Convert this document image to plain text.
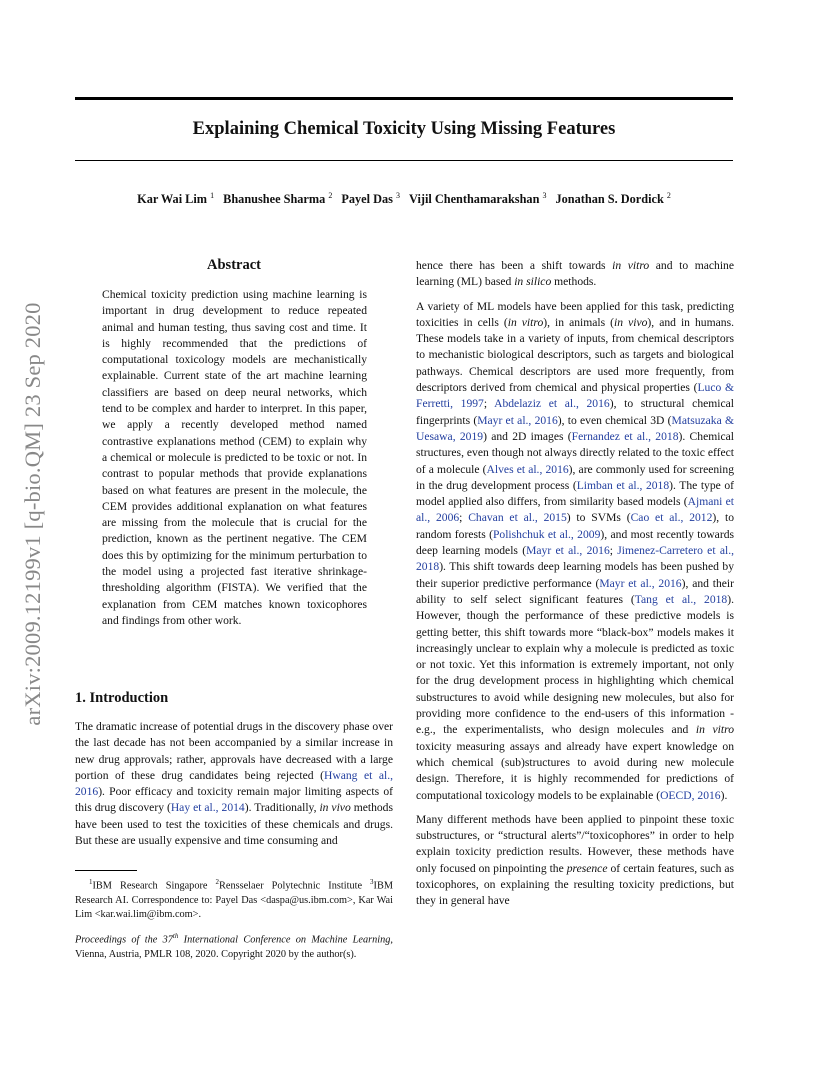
Explaining Chemical Toxicity Using Missing Features
Kar Wai Lim $^1$ Bhanushee Sharma $^2$ Payel Das $^3$ Vijil Chenthamarakshan $^3$ Jonathan S. Dordick $^2$
arXiv:2009.12199v1 [q-bio.QM] 23 Sep 2020
Abstract

Chemical toxicity prediction using machine learning is important in drug development to reduce repeated animal and human testing, thus saving cost and time. It is highly recommended that the predictions of computational toxicology models are mechanistically explainable. Current state of the art machine learning classifiers are based on deep neural networks, which tend to be complex and harder to interpret. In this paper, we apply a recently developed method named contrastive explanations method (CEM) to explain why a chemical or molecule is predicted to be toxic or not. In contrast to popular methods that provide explanations based on what features are present in the molecule, the CEM provides additional explanation on what features are missing from the molecule that is crucial for the prediction, known as the pertinent negative. The CEM does this by optimizing for the minimum perturbation to the model using a projected fast iterative shrinkage-thresholding algorithm (FISTA). We verified that the explanation from CEM matches known toxicophores and findings from other work.

1. Introduction

The dramatic increase of potential drugs in the discovery phase over the last decade has not been accompanied by a similar increase in new drug approvals; rather, approvals have decreased with a large portion of these drug candidates being rejected (Hwang et al., 2016). Poor efficacy and toxicity remain major limiting aspects of this drug discovery (Hay et al., 2014). Traditionally, in vivo methods have been used to test the toxicities of these chemicals and drugs. But these are usually expensive and time consuming and

$^1$IBM Research Singapore $^2$Rensselaer Polytechnic Institute $^3$IBM Research AI. Correspondence to: Payel Das <daspa@us.ibm.com>, Kar Wai Lim <kar.wai.lim@ibm.com>.

Proceedings of the 37th International Conference on Machine Learning, Vienna, Austria, PMLR 108, 2020. Copyright 2020 by the author(s).

hence there has been a shift towards in vitro and to machine learning (ML) based in silico methods.

A variety of ML models have been applied for this task, predicting toxicities in cells (in vitro), in animals (in vivo), and in humans. These models take in a variety of inputs, from chemical descriptors to mechanistic biological descriptors, such as targets and biological pathways. Chemical descriptors are used more frequently, from descriptors derived from chemical and physical properties (Luco & Ferretti, 1997; Abdelaziz et al., 2016), to structural chemical fingerprints (Mayr et al., 2016), to even chemical 3D (Matsuzaka & Uesawa, 2019) and 2D images (Fernandez et al., 2018). Chemical structures, even though not always directly related to the toxic effect of a molecule (Alves et al., 2016), are commonly used for screening in the drug development process (Limban et al., 2018). The type of model applied also differs, from similarity based models (Ajmani et al., 2006; Chavan et al., 2015) to SVMs (Cao et al., 2012), to random forests (Polishchuk et al., 2009), and most recently towards deep learning models (Mayr et al., 2016; Jimenez-Carretero et al., 2018). This shift towards deep learning models has been pushed by their superior predictive performance (Mayr et al., 2016), and their ability to self select significant features (Tang et al., 2018). However, though the performance of these predictive models is getting better, this shift towards more “black-box” models makes it increasingly unclear to explain why a molecule is predicted as toxic or not toxic. Yet this information is extremely important, not only for the drug development process in highlighting which chemical substructures to avoid while designing new molecules, but also for providing more confidence to the end-users of this information - e.g., the experimentalists, who design molecules and in vitro toxicity measuring assays and already have expert knowledge on which chemical (sub)structures to avoid during new molecule design. Therefore, it is highly recommended for predictions of computational toxicology models to be explainable (OECD, 2016).

Many different methods have been applied to pinpoint these toxic substructures, or “structural alerts”/“toxicophores” in order to help explain toxicity prediction results. However, these methods have only focused on pinpointing the presence of certain features, such as toxicophores, on explaining the resulting toxicity predictions, but they in general have
